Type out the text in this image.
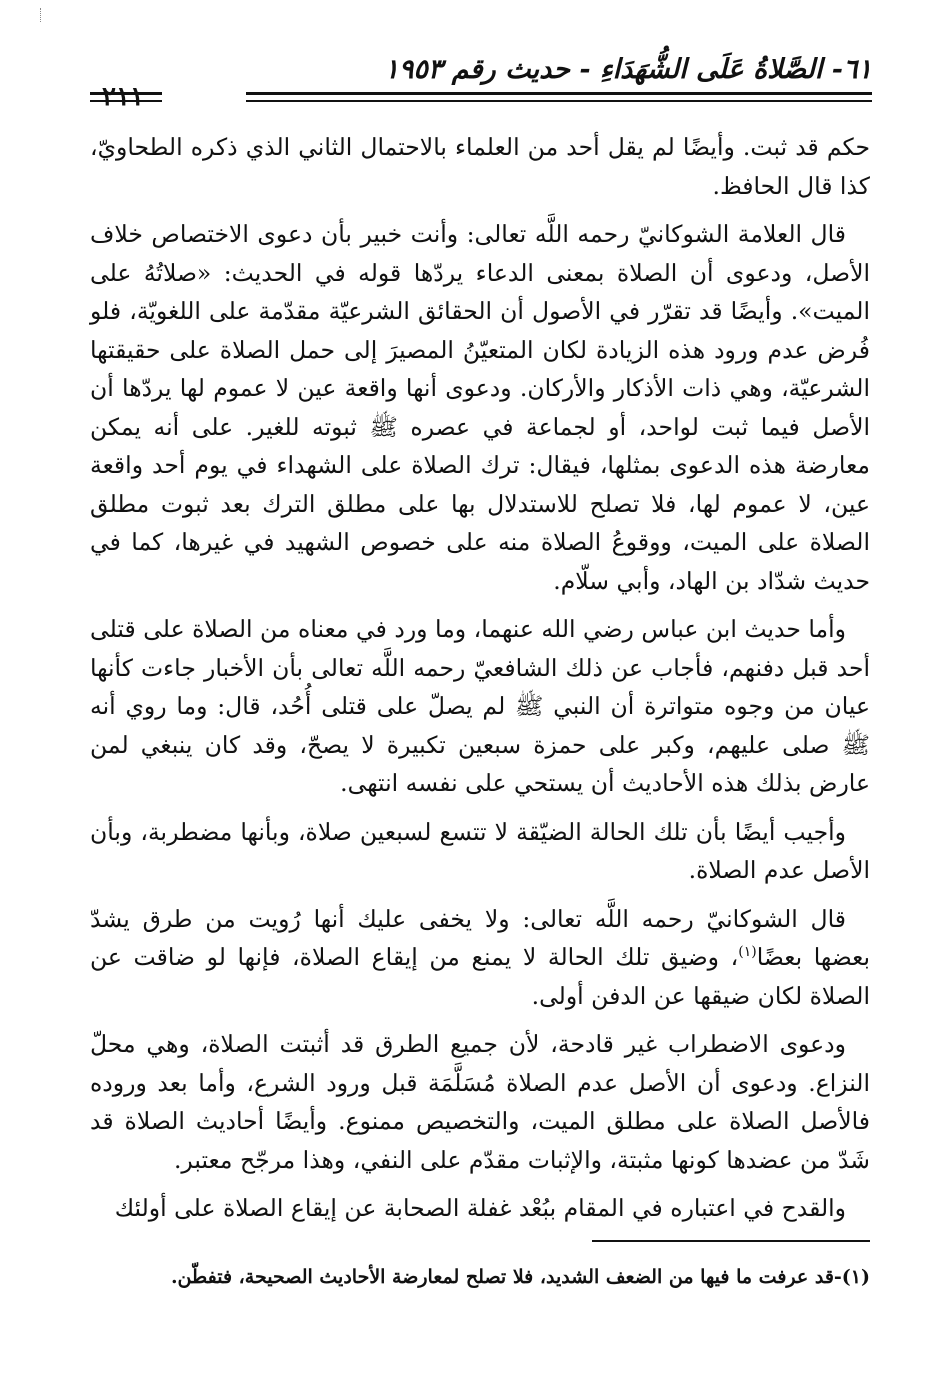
٦١- الصَّلاةُ عَلَى الشُّهَدَاءِ - حديث رقم ١٩٥٣
٢١١

حكم قد ثبت. وأيضًا لم يقل أحد من العلماء بالاحتمال الثاني الذي ذكره الطحاويّ، كذا قال الحافظ.

قال العلامة الشوكانيّ رحمه اللَّه تعالى: وأنت خبير بأن دعوى الاختصاص خلاف الأصل، ودعوى أن الصلاة بمعنى الدعاء يردّها قوله في الحديث: «صلاتُهُ على الميت». وأيضًا قد تقرّر في الأصول أن الحقائق الشرعيّة مقدّمة على اللغويّة، فلو فُرض عدم ورود هذه الزيادة لكان المتعيّنُ المصيرَ إلى حمل الصلاة على حقيقتها الشرعيّة، وهي ذات الأذكار والأركان. ودعوى أنها واقعة عين لا عموم لها يردّها أن الأصل فيما ثبت لواحد، أو لجماعة في عصره ﷺ ثبوته للغير. على أنه يمكن معارضة هذه الدعوى بمثلها، فيقال: ترك الصلاة على الشهداء في يوم أحد واقعة عين، لا عموم لها، فلا تصلح للاستدلال بها على مطلق الترك بعد ثبوت مطلق الصلاة على الميت، ووقوعُ الصلاة منه على خصوص الشهيد في غيرها، كما في حديث شدّاد بن الهاد، وأبي سلّام.

وأما حديث ابن عباس رضي الله عنهما، وما ورد في معناه من الصلاة على قتلى أحد قبل دفنهم، فأجاب عن ذلك الشافعيّ رحمه اللَّه تعالى بأن الأخبار جاءت كأنها عيان من وجوه متواترة أن النبي ﷺ لم يصلّ على قتلى أُحُد، قال: وما روي أنه ﷺ صلى عليهم، وكبر على حمزة سبعين تكبيرة لا يصحّ، وقد كان ينبغي لمن عارض بذلك هذه الأحاديث أن يستحي على نفسه انتهى.

وأجيب أيضًا بأن تلك الحالة الضيّقة لا تتسع لسبعين صلاة، وبأنها مضطربة، وبأن الأصل عدم الصلاة.

قال الشوكانيّ رحمه اللَّه تعالى: ولا يخفى عليك أنها رُويت من طرق يشدّ بعضها بعضًا$^{(١)}$، وضيق تلك الحالة لا يمنع من إيقاع الصلاة، فإنها لو ضاقت عن الصلاة لكان ضيقها عن الدفن أولى.

ودعوى الاضطراب غير قادحة، لأن جميع الطرق قد أثبتت الصلاة، وهي محلّ النزاع. ودعوى أن الأصل عدم الصلاة مُسَلَّمَة قبل ورود الشرع، وأما بعد وروده فالأصل الصلاة على مطلق الميت، والتخصيص ممنوع. وأيضًا أحاديث الصلاة قد شَدّ من عضدها كونها مثبتة، والإثبات مقدّم على النفي، وهذا مرجّح معتبر.

والقدح في اعتباره في المقام ببُعْد غفلة الصحابة عن إيقاع الصلاة على أولئك

(١)-قد عرفت ما فيها من الضعف الشديد، فلا تصلح لمعارضة الأحاديث الصحيحة، فتفطّن.
